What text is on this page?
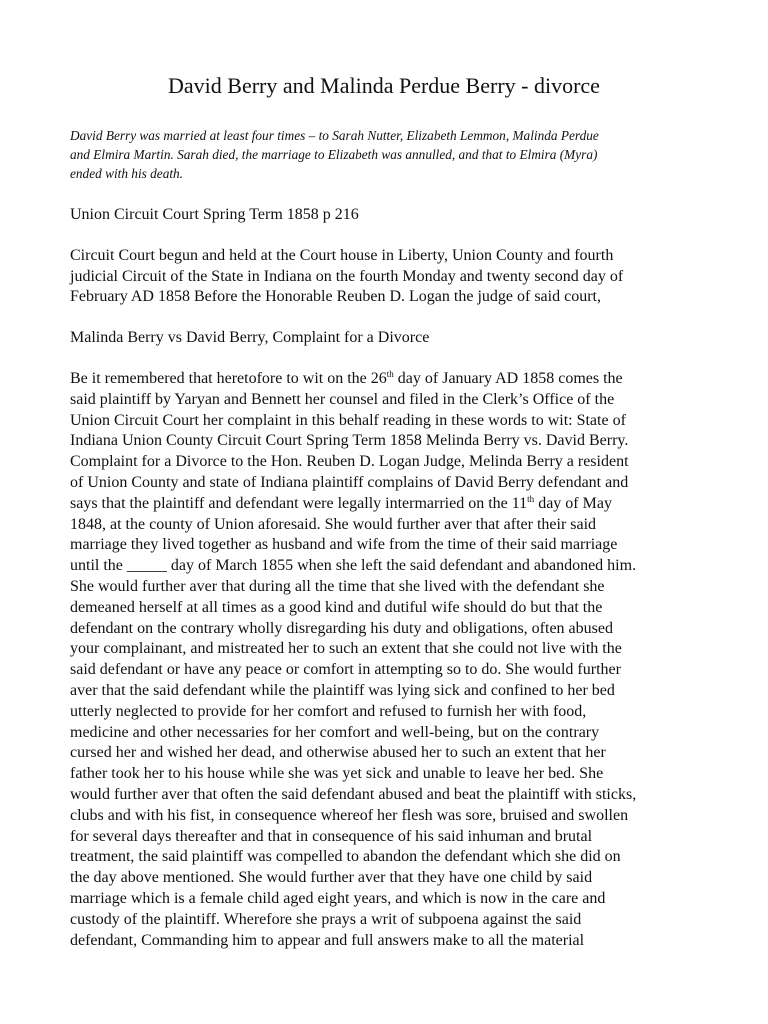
David Berry and Malinda Perdue Berry - divorce
David Berry was married at least four times – to Sarah Nutter, Elizabeth Lemmon, Malinda Perdue
and Elmira Martin. Sarah died, the marriage to Elizabeth was annulled, and that to Elmira (Myra)
ended with his death.

Union Circuit Court Spring Term 1858 p 216

Circuit Court begun and held at the Court house in Liberty, Union County and fourth
judicial Circuit of the State in Indiana on the fourth Monday and twenty second day of
February AD 1858 Before the Honorable Reuben D. Logan the judge of said court,

Malinda Berry vs David Berry, Complaint for a Divorce

Be it remembered that heretofore to wit on the 26th day of January AD 1858 comes the
said plaintiff by Yaryan and Bennett her counsel and filed in the Clerk’s Office of the
Union Circuit Court her complaint in this behalf reading in these words to wit: State of
Indiana Union County Circuit Court Spring Term 1858 Melinda Berry vs. David Berry.
Complaint for a Divorce to the Hon. Reuben D. Logan Judge, Melinda Berry a resident
of Union County and state of Indiana plaintiff complains of David Berry defendant and
says that the plaintiff and defendant were legally intermarried on the 11th day of May
1848, at the county of Union aforesaid. She would further aver that after their said
marriage they lived together as husband and wife from the time of their said marriage
until the _____ day of March 1855 when she left the said defendant and abandoned him.
She would further aver that during all the time that she lived with the defendant she
demeaned herself at all times as a good kind and dutiful wife should do but that the
defendant on the contrary wholly disregarding his duty and obligations, often abused
your complainant, and mistreated her to such an extent that she could not live with the
said defendant or have any peace or comfort in attempting so to do. She would further
aver that the said defendant while the plaintiff was lying sick and confined to her bed
utterly neglected to provide for her comfort and refused to furnish her with food,
medicine and other necessaries for her comfort and well-being, but on the contrary
cursed her and wished her dead, and otherwise abused her to such an extent that her
father took her to his house while she was yet sick and unable to leave her bed. She
would further aver that often the said defendant abused and beat the plaintiff with sticks,
clubs and with his fist, in consequence whereof her flesh was sore, bruised and swollen
for several days thereafter and that in consequence of his said inhuman and brutal
treatment, the said plaintiff was compelled to abandon the defendant which she did on
the day above mentioned. She would further aver that they have one child by said
marriage which is a female child aged eight years, and which is now in the care and
custody of the plaintiff. Wherefore she prays a writ of subpoena against the said
defendant, Commanding him to appear and full answers make to all the material
